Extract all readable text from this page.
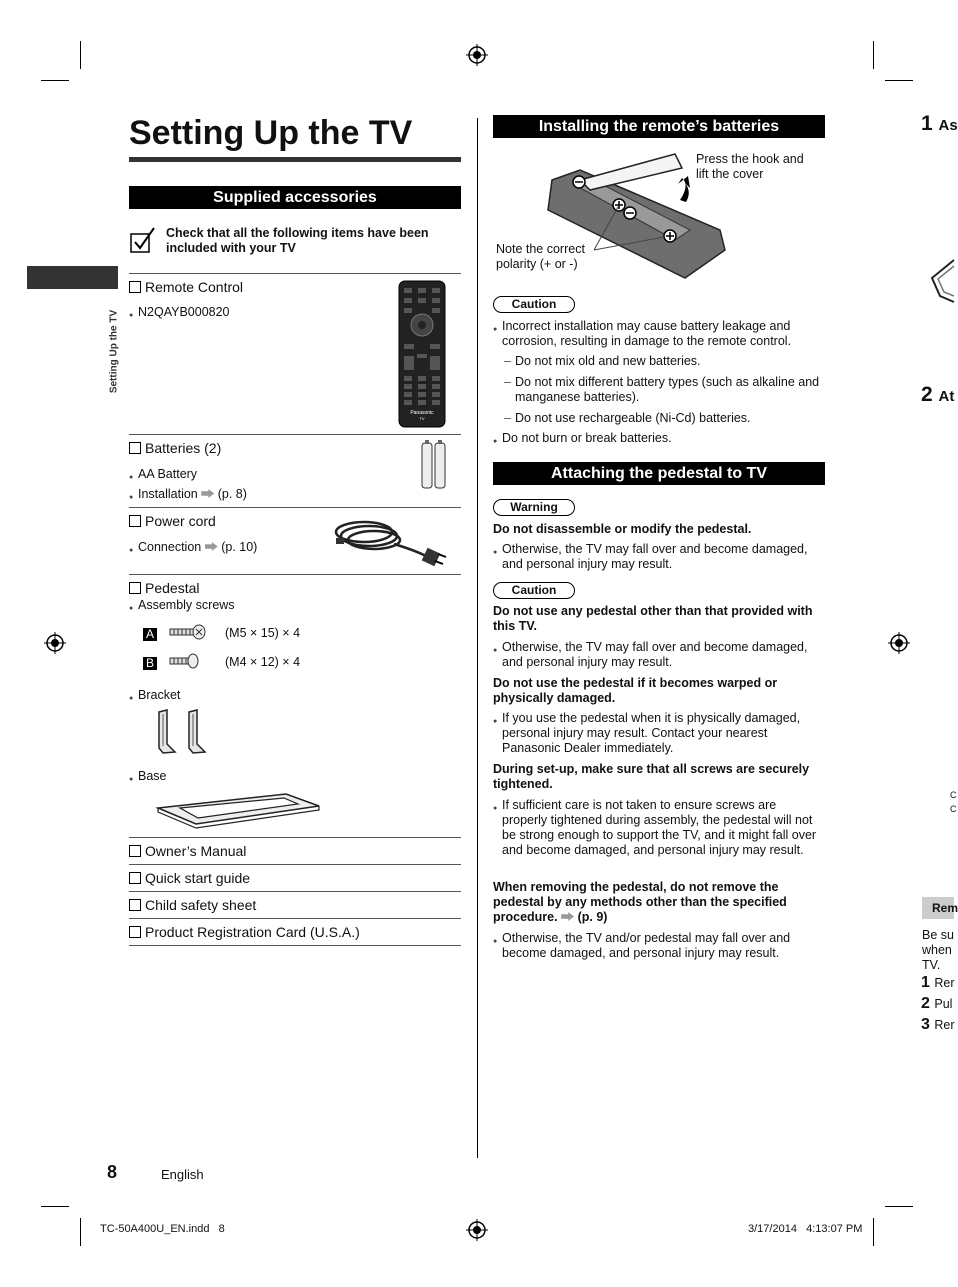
Setting Up the TV
Setting Up the TV
Supplied accessories
Check that all the following items have been included with your TV
Remote Control
● N2QAYB000820
Panasonic
TV
Batteries (2)
● AA Battery
● Installation (p. 8)
Power cord
● Connection (p. 10)
Pedestal
● Assembly screws
A	(M5 × 15) × 4
B	(M4 × 12) × 4
● Bracket
● Base
Owner’s Manual
Quick start guide
Child safety sheet
Product Registration Card (U.S.A.)
Installing the remote’s batteries
Press the hook and lift the cover
Note the correct polarity (+ or -)
Caution
● Incorrect installation may cause battery leakage and corrosion, resulting in damage to the remote control.
– Do not mix old and new batteries.
– Do not mix different battery types (such as alkaline and manganese batteries).
– Do not use rechargeable (Ni-Cd) batteries.
● Do not burn or break batteries.
Attaching the pedestal to TV
Warning
Do not disassemble or modify the pedestal.
● Otherwise, the TV may fall over and become damaged, and personal injury may result.
Caution
Do not use any pedestal other than that provided with this TV.
● Otherwise, the TV may fall over and become damaged, and personal injury may result.
Do not use the pedestal if it becomes warped or physically damaged.
● If you use the pedestal when it is physically damaged, personal injury may result. Contact your nearest Panasonic Dealer immediately.
During set-up, make sure that all screws are securely tightened.
● If sufficient care is not taken to ensure screws are properly tightened during assembly, the pedestal will not be strong enough to support the TV, and it might fall over and become damaged, and personal injury may result.
When removing the pedestal, do not remove the pedestal by any methods other than the specified procedure. (p. 9)
● Otherwise, the TV and/or pedestal may fall over and become damaged, and personal injury may result.
8	English
TC-50A400U_EN.indd   8	3/17/2014   4:13:07 PM
1 As
2 At
C
C
Rem
Be su
when
TV.
1 Rer
2 Pul
3 Rer
